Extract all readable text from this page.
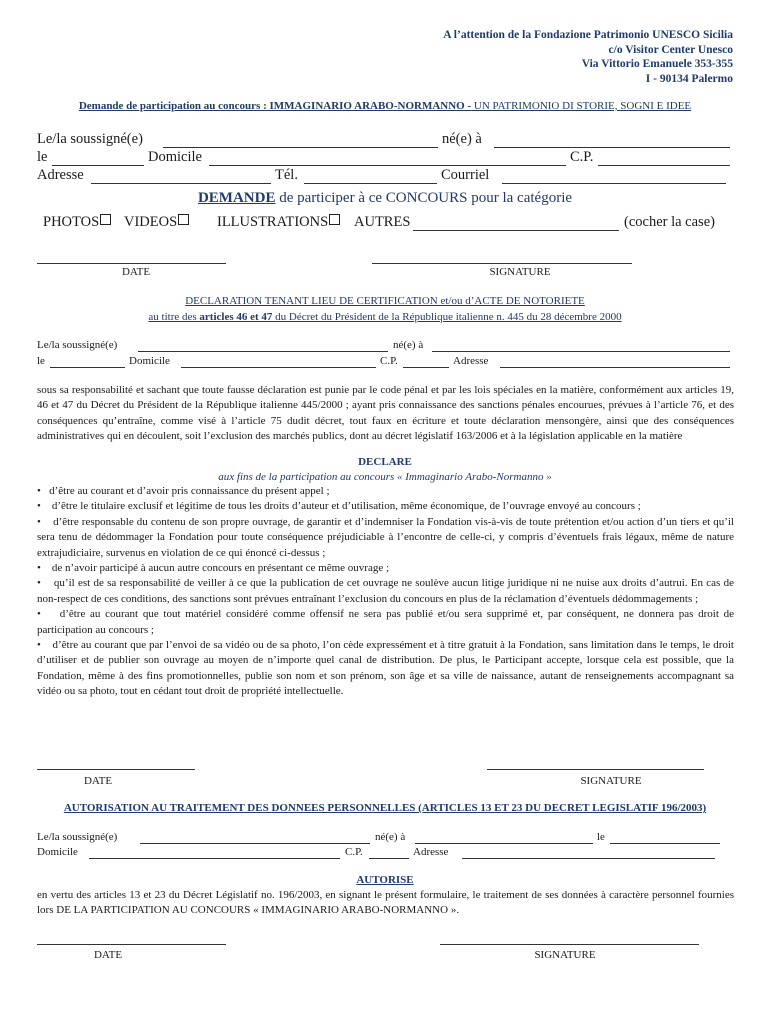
A l’attention de la Fondazione Patrimonio UNESCO Sicilia
c/o Visitor Center Unesco
Via Vittorio Emanuele 353-355
I - 90134 Palermo
Demande de participation au concours : IMMAGINARIO ARABO-NORMANNO - UN PATRIMONIO DI STORIE, SOGNI E IDEE
Le/la soussigné(e)	né(e) à
le	Domicile	C.P.
Adresse	Tél.	Courriel
DEMANDE de participer à ce CONCOURS pour la catégorie
PHOTOS	VIDEOS	ILLUSTRATIONS	AUTRES	(cocher la case)
DATE	SIGNATURE
DECLARATION TENANT LIEU DE CERTIFICATION et/ou d’ACTE DE NOTORIETE
au titre des articles 46 et 47 du Décret du Président de la République italienne n. 445 du 28 décembre 2000
Le/la soussigné(e)	né(e) à
le	Domicile	C.P.	Adresse
sous sa responsabilité et sachant que toute fausse déclaration est punie par le code pénal et par les lois spéciales en la matière, conformément aux articles 19, 46 et 47 du Décret du Président de la République italienne 445/2000 ; ayant pris connaissance des sanctions pénales encourues, prévues à l’article 76, et des conséquences qu’entraîne, comme visé à l’article 75 dudit décret, tout faux en écriture et toute déclaration mensongère, ainsi que des conséquences administratives qui en découlent, soit l’exclusion des marchés publics, dont au décret législatif 163/2006 et à la législation applicable en la matière
DECLARE
aux fins de la participation au concours « Immaginario Arabo-Normanno »
•   d’être au courant et d’avoir pris connaissance du présent appel ;
•    d’être le titulaire exclusif et légitime de tous les droits d’auteur et d’utilisation, même économique, de l’ouvrage envoyé au concours ;
•    d’être responsable du contenu de son propre ouvrage, de garantir et d’indemniser la Fondation vis-à-vis de toute prétention et/ou action d’un tiers et qu’il sera tenu de dédommager la Fondation pour toute conséquence préjudiciable à l’encontre de celle-ci, y compris d’éventuels frais légaux, même de nature extrajudiciaire, survenus en violation de ce qui énoncé ci-dessus ;
•    de n’avoir participé à aucun autre concours en présentant ce même ouvrage ;
•    qu’il est de sa responsabilité de veiller à ce que la publication de cet ouvrage ne soulève aucun litige juridique ni ne nuise aux droits d’autrui. En cas de non-respect de ces conditions, des sanctions sont prévues entraînant l’exclusion du concours en plus de la réclamation d’éventuels dédommagements ;
•    d’être au courant que tout matériel considéré comme offensif ne sera pas publié et/ou sera supprimé et, par conséquent, ne donnera pas droit de participation au concours ;
•    d’être au courant que par l’envoi de sa vidéo ou de sa photo, l’on cède expressément et à titre gratuit à la Fondation, sans limitation dans le temps, le droit d’utiliser et de publier son ouvrage au moyen de n’importe quel canal de distribution. De plus, le Participant accepte, lorsque cela est possible, que la Fondation, même à des fins promotionnelles, publie son nom et son prénom, son âge et sa ville de naissance, autant de renseignements accompagnant sa vidéo ou sa photo, tout en cédant tout droit de propriété intellectuelle.
DATE	SIGNATURE
AUTORISATION AU TRAITEMENT DES DONNEES PERSONNELLES (ARTICLES 13 ET 23 DU DECRET LEGISLATIF 196/2003)
Le/la soussigné(e)	né(e) à	le
Domicile	C.P.	Adresse
AUTORISE
en vertu des articles 13 et 23 du Décret Législatif no. 196/2003, en signant le présent formulaire, le traitement de ses données à caractère personnel fournies lors DE LA PARTICIPATION AU CONCOURS « IMMAGINARIO ARABO-NORMANNO ».
DATE	SIGNATURE
